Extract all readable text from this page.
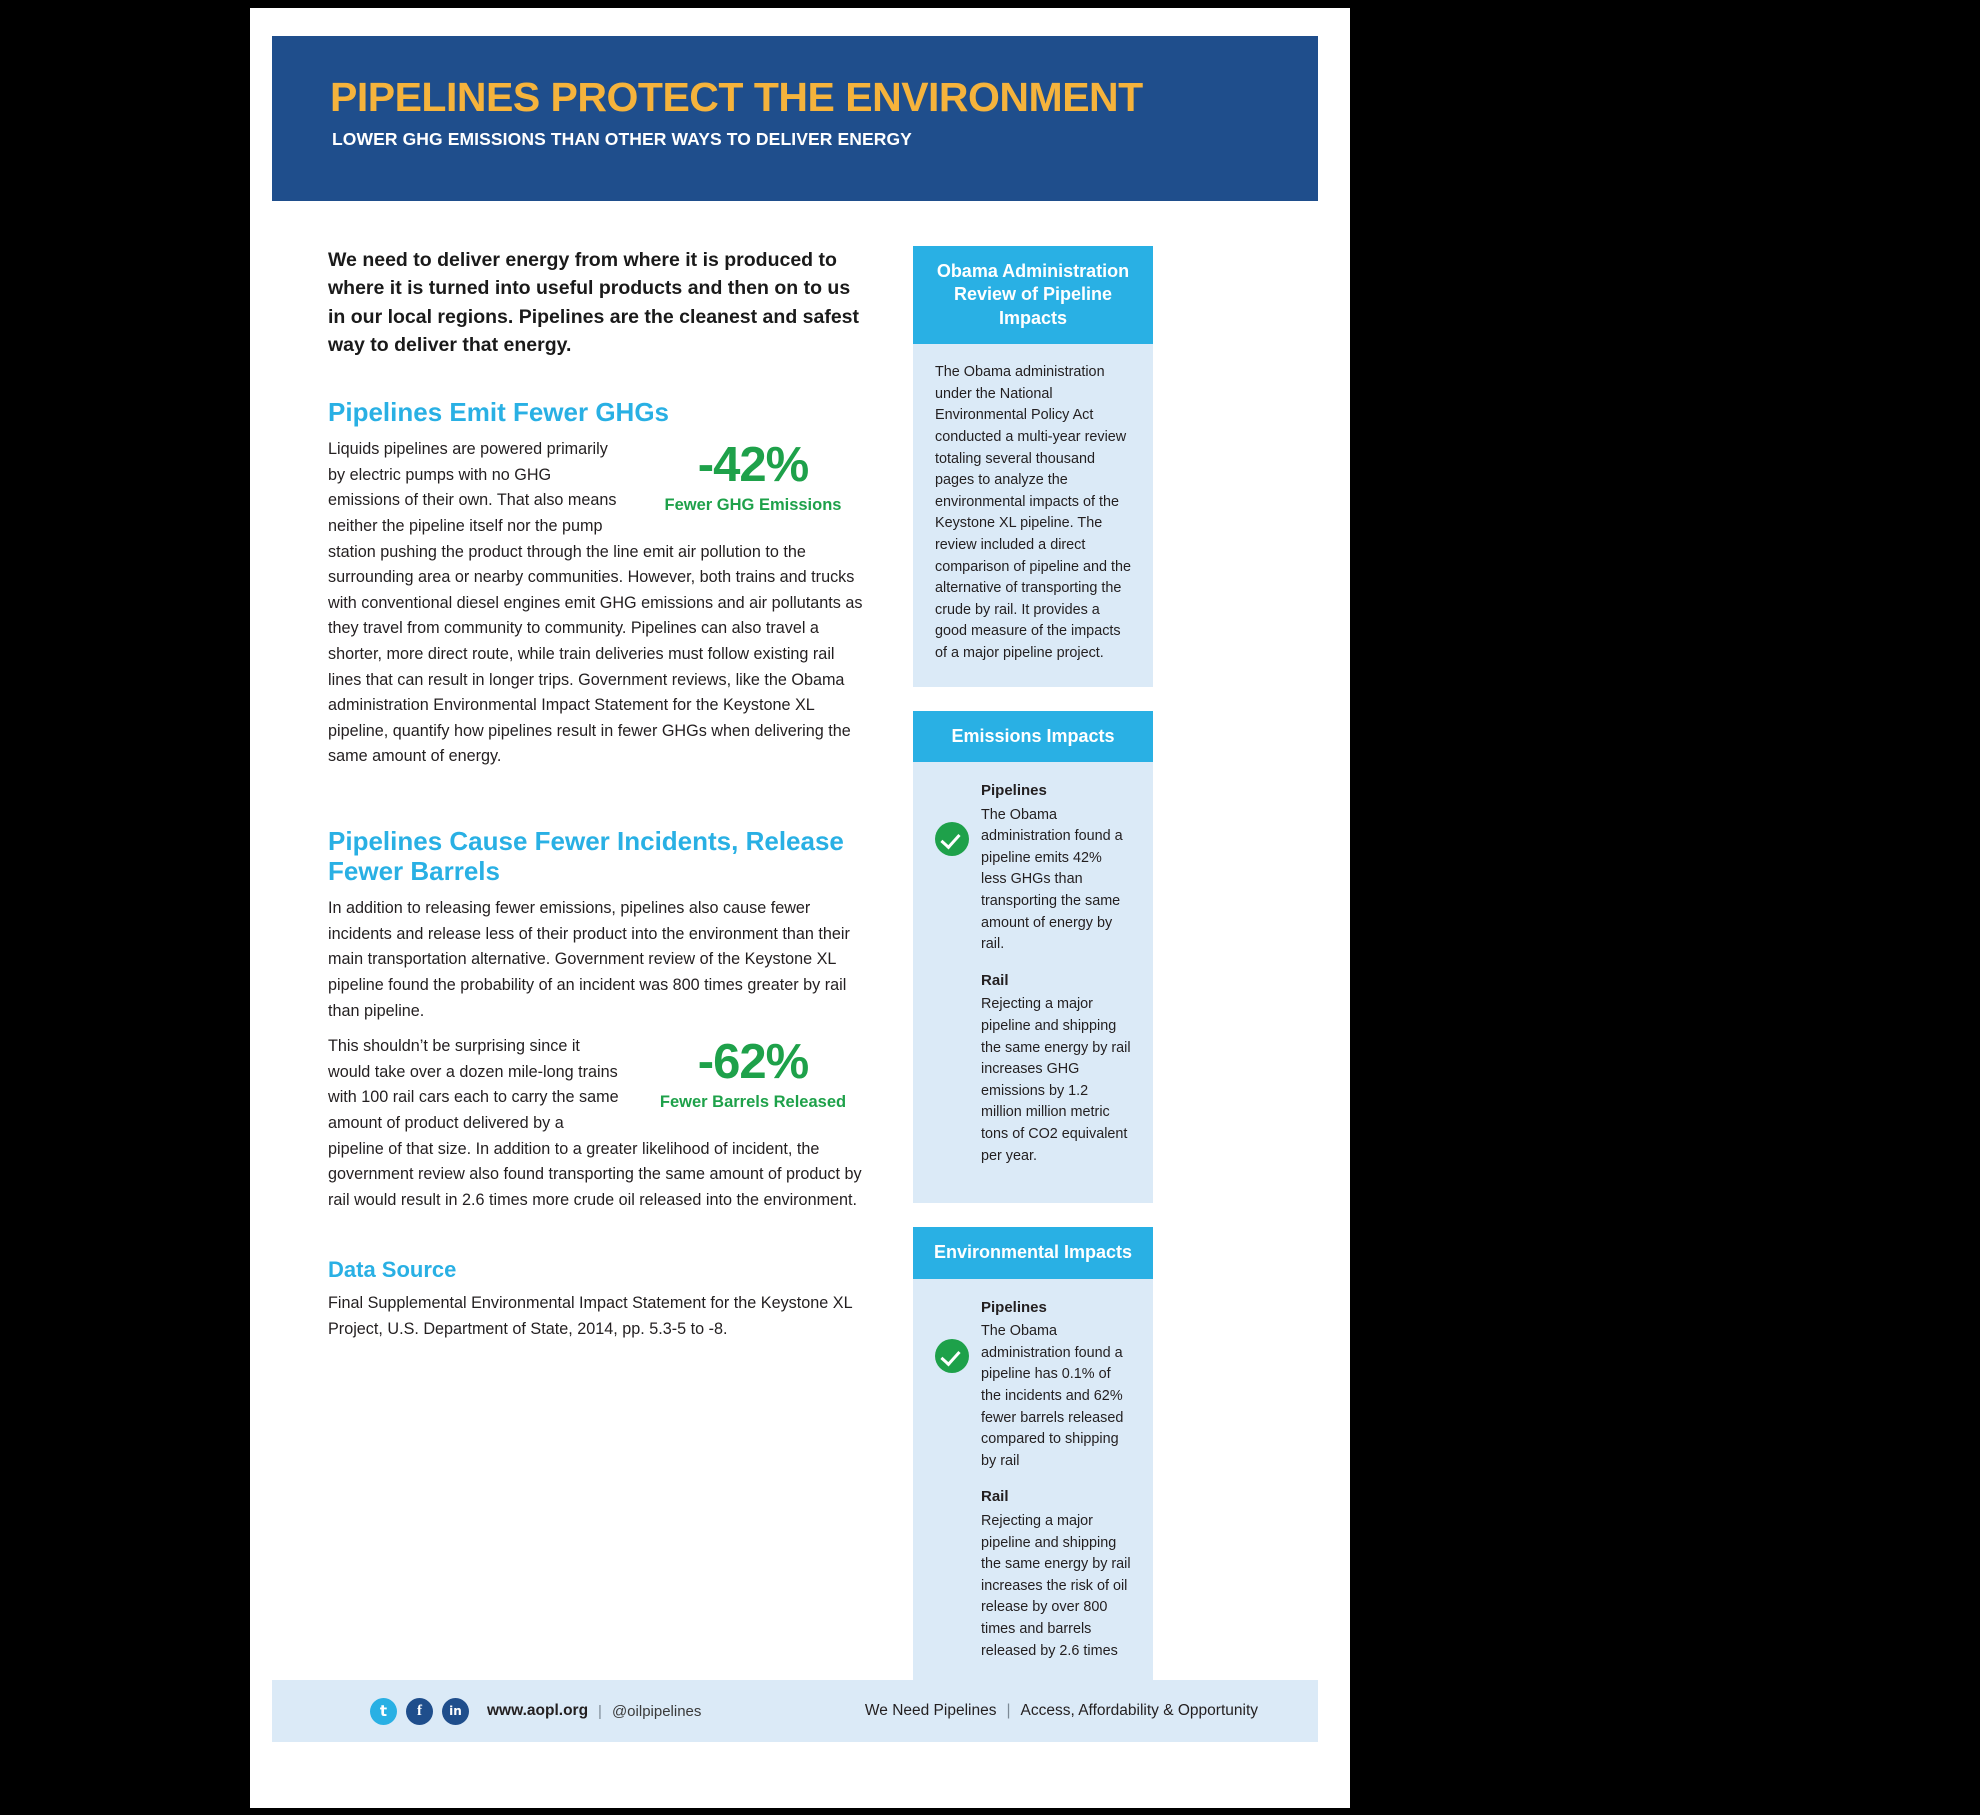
PIPELINES PROTECT THE ENVIRONMENT
LOWER GHG EMISSIONS THAN OTHER WAYS TO DELIVER ENERGY

We need to deliver energy from where it is produced to where it is turned into useful products and then on to us in our local regions. Pipelines are the cleanest and safest way to deliver that energy.

Pipelines Emit Fewer GHGs
-42%
Fewer GHG Emissions

Liquids pipelines are powered primarily by electric pumps with no GHG emissions of their own. That also means neither the pipeline itself nor the pump station pushing the product through the line emit air pollution to the surrounding area or nearby communities. However, both trains and trucks with conventional diesel engines emit GHG emissions and air pollutants as they travel from community to community. Pipelines can also travel a shorter, more direct route, while train deliveries must follow existing rail lines that can result in longer trips. Government reviews, like the Obama administration Environmental Impact Statement for the Keystone XL pipeline, quantify how pipelines result in fewer GHGs when delivering the same amount of energy.

Pipelines Cause Fewer Incidents, Release Fewer Barrels

In addition to releasing fewer emissions, pipelines also cause fewer incidents and release less of their product into the environment than their main transportation alternative. Government review of the Keystone XL pipeline found the probability of an incident was 800 times greater by rail than pipeline.

-62%
Fewer Barrels Released

This shouldn’t be surprising since it would take over a dozen mile-long trains with 100 rail cars each to carry the same amount of product delivered by a pipeline of that size. In addition to a greater likelihood of incident, the government review also found transporting the same amount of product by rail would result in 2.6 times more crude oil released into the environment.

Data Source

Final Supplemental Environmental Impact Statement for the Keystone XL Project, U.S. Department of State, 2014, pp. 5.3-5 to -8.

Obama Administration Review of Pipeline Impacts

The Obama administration under the National Environmental Policy Act conducted a multi-year review totaling several thousand pages to analyze the environmental impacts of the Keystone XL pipeline. The review included a direct comparison of pipeline and the alternative of transporting the crude by rail. It provides a good measure of the impacts of a major pipeline project.

Emissions Impacts
Pipelines
The Obama administration found a pipeline emits 42% less GHGs than transporting the same amount of energy by rail.
Rail
Rejecting a major pipeline and shipping the same energy by rail increases GHG emissions by 1.2 million million metric tons of CO2 equivalent per year.
Environmental Impacts
Pipelines
The Obama administration found a pipeline has 0.1% of the incidents and 62% fewer barrels released compared to shipping by rail
Rail
Rejecting a major pipeline and shipping the same energy by rail increases the risk of oil release by over 800 times and barrels released by 2.6 times
t	f	in	www.aopl.org | @oilpipelines	We Need Pipelines | Access, Affordability & Opportunity
